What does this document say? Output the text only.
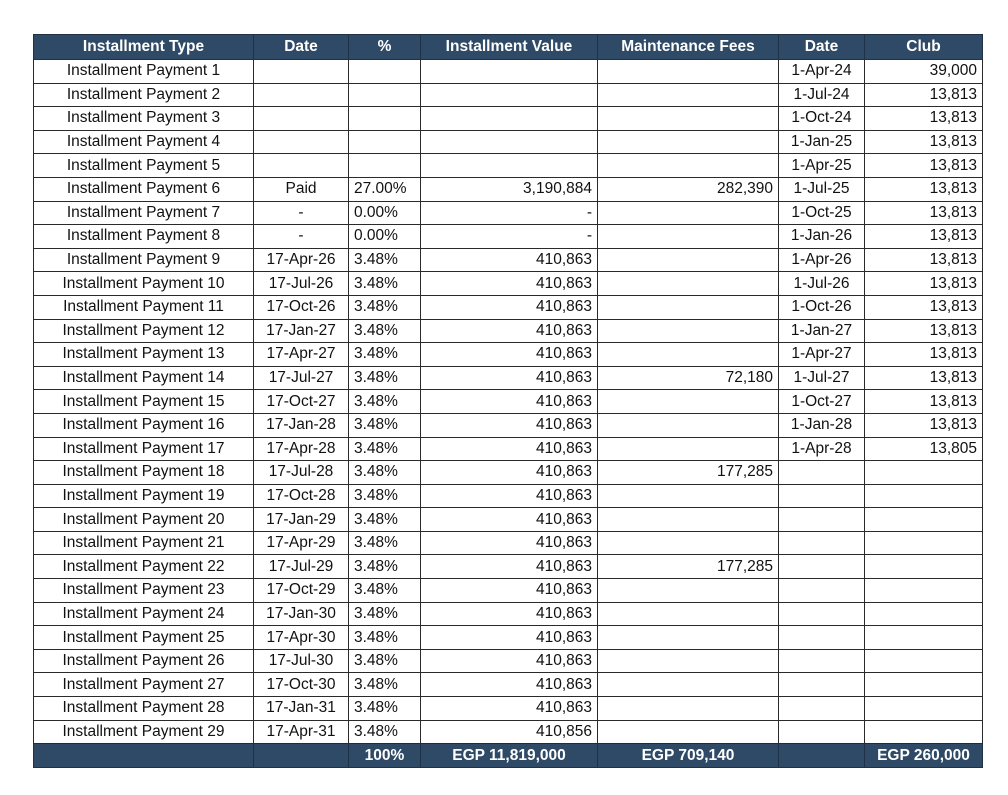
Installment Type	Date	%	Installment Value	Maintenance Fees	Date	Club
Installment Payment 1					1-Apr-24	39,000
Installment Payment 2					1-Jul-24	13,813
Installment Payment 3					1-Oct-24	13,813
Installment Payment 4					1-Jan-25	13,813
Installment Payment 5					1-Apr-25	13,813
Installment Payment 6	Paid	27.00%	3,190,884	282,390	1-Jul-25	13,813
Installment Payment 7	-	0.00%	-		1-Oct-25	13,813
Installment Payment 8	-	0.00%	-		1-Jan-26	13,813
Installment Payment 9	17-Apr-26	3.48%	410,863		1-Apr-26	13,813
Installment Payment 10	17-Jul-26	3.48%	410,863		1-Jul-26	13,813
Installment Payment 11	17-Oct-26	3.48%	410,863		1-Oct-26	13,813
Installment Payment 12	17-Jan-27	3.48%	410,863		1-Jan-27	13,813
Installment Payment 13	17-Apr-27	3.48%	410,863		1-Apr-27	13,813
Installment Payment 14	17-Jul-27	3.48%	410,863	72,180	1-Jul-27	13,813
Installment Payment 15	17-Oct-27	3.48%	410,863		1-Oct-27	13,813
Installment Payment 16	17-Jan-28	3.48%	410,863		1-Jan-28	13,813
Installment Payment 17	17-Apr-28	3.48%	410,863		1-Apr-28	13,805
Installment Payment 18	17-Jul-28	3.48%	410,863	177,285		
Installment Payment 19	17-Oct-28	3.48%	410,863			
Installment Payment 20	17-Jan-29	3.48%	410,863			
Installment Payment 21	17-Apr-29	3.48%	410,863			
Installment Payment 22	17-Jul-29	3.48%	410,863	177,285		
Installment Payment 23	17-Oct-29	3.48%	410,863			
Installment Payment 24	17-Jan-30	3.48%	410,863			
Installment Payment 25	17-Apr-30	3.48%	410,863			
Installment Payment 26	17-Jul-30	3.48%	410,863			
Installment Payment 27	17-Oct-30	3.48%	410,863			
Installment Payment 28	17-Jan-31	3.48%	410,863			
Installment Payment 29	17-Apr-31	3.48%	410,856			
		100%	EGP 11,819,000	EGP 709,140		EGP 260,000
